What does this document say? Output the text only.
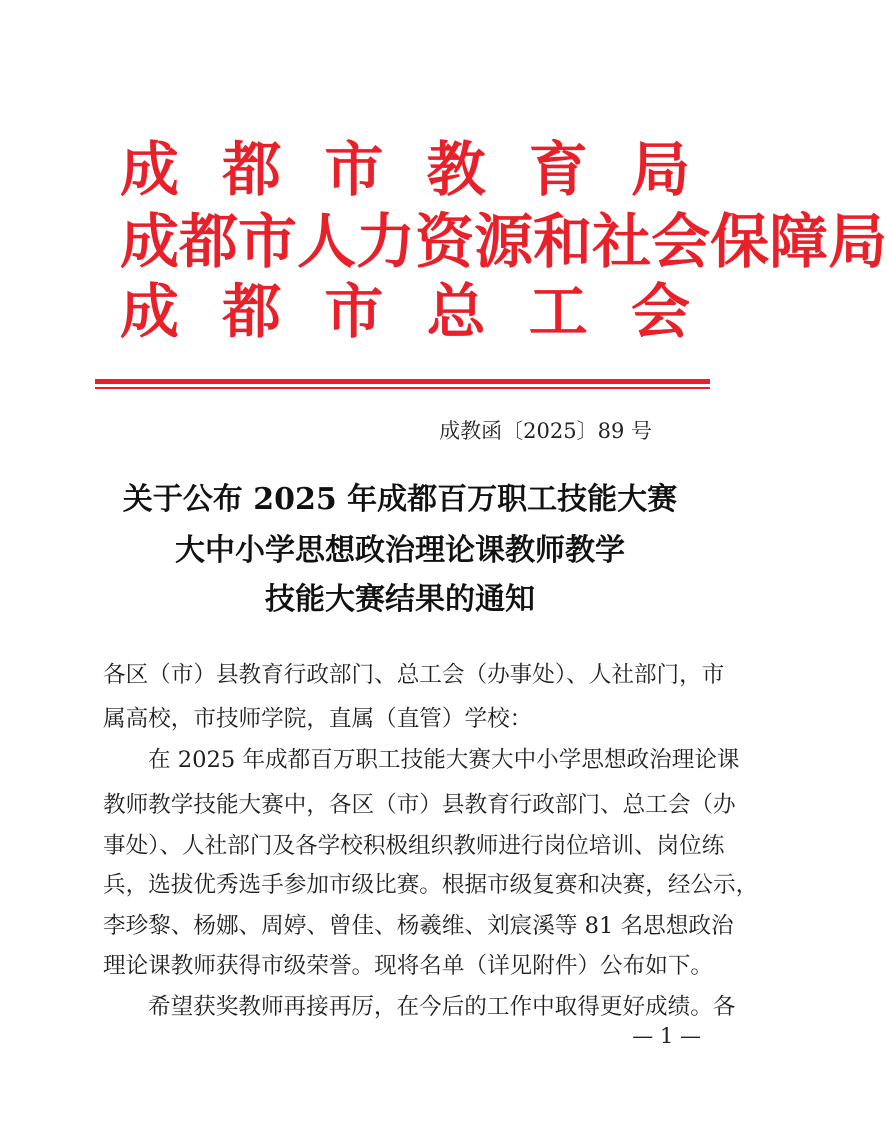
成 都 市 教 育 局
成 都 市 人 力 资 源 和 社 会 保 障 局
成 都 市 总 工 会
成教函〔2025〕89 号
关于公布 2025 年成都百万职工技能大赛
大中小学思想政治理论课教师教学
技能大赛结果的通知
各区（市）县教育行政部门、总工会（办事处）、人社部门，市
属高校，市技师学院，直属（直管）学校：
在 2025 年成都百万职工技能大赛大中小学思想政治理论课
教师教学技能大赛中，各区（市）县教育行政部门、总工会（办
事处）、人社部门及各学校积极组织教师进行岗位培训、岗位练
兵，选拔优秀选手参加市级比赛。根据市级复赛和决赛，经公示，
李珍黎、杨娜、周婷、曾佳、杨羲维、刘宸溪等 81 名思想政治
理论课教师获得市级荣誉。现将名单（详见附件）公布如下。
希望获奖教师再接再厉，在今后的工作中取得更好成绩。各
— 1 —
